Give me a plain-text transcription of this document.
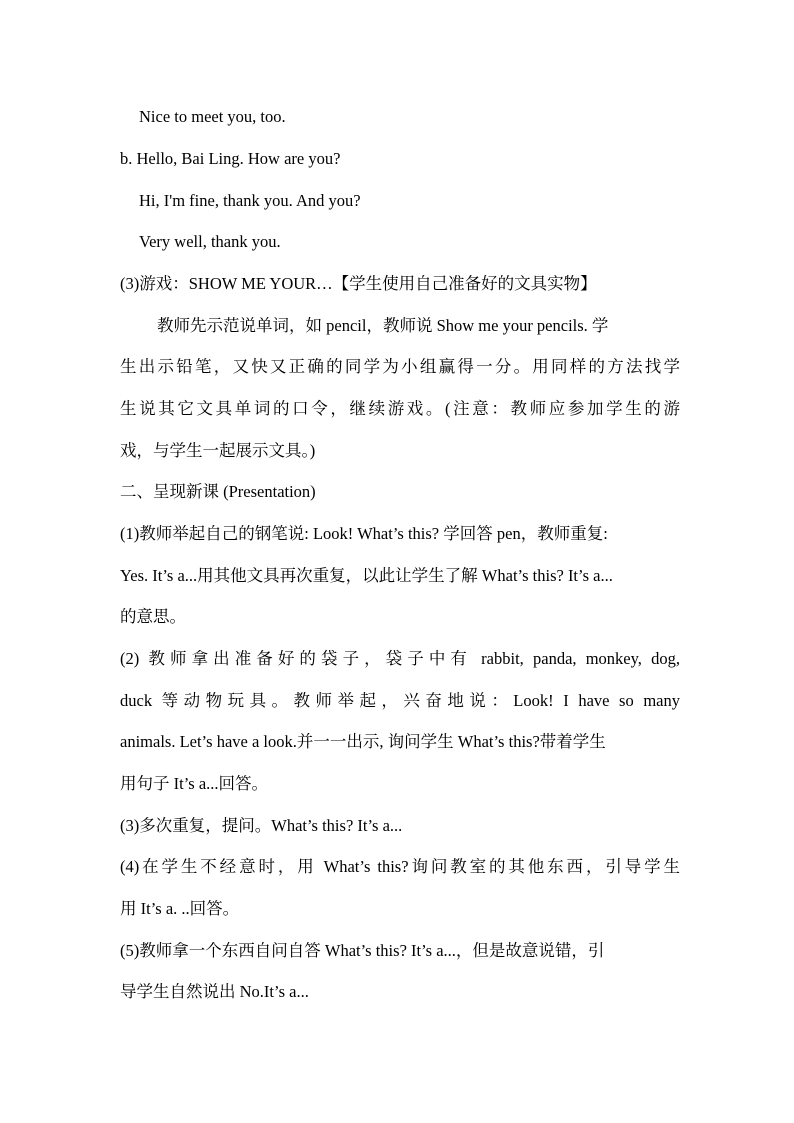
Nice to meet you, too.
b. Hello, Bai Ling. How are you?
Hi, I'm fine, thank you. And you?
Very well, thank you.
(3)游戏：SHOW ME YOUR…【学生使用自己准备好的文具实物】
教师先示范说单词，如 pencil，教师说 Show me your pencils. 学
生出示铅笔，又快又正确的同学为小组赢得一分。用同样的方法找学
生说其它文具单词的口令，继续游戏。(注意：教师应参加学生的游
戏，与学生一起展示文具。)
二、呈现新课 (Presentation)
(1)教师举起自己的钢笔说: Look! What’s this? 学回答 pen，教师重复:
Yes. It’s a...用其他文具再次重复，以此让学生了解 What’s this? It’s a...
的意思。
(2) 教师拿出准备好的袋子，袋子中有 rabbit, panda, monkey, dog,
duck 等动物玩具。教师举起，兴奋地说：Look! I have so many
animals. Let’s have a look.并一一出示, 询问学生 What’s this?带着学生
用句子 It’s a...回答。
(3)多次重复，提问。What’s this? It’s a...
(4)在学生不经意时，用 What’s this?询问教室的其他东西，引导学生
用 It’s a. ..回答。
(5)教师拿一个东西自问自答 What’s this? It’s a...，但是故意说错，引
导学生自然说出 No.It’s a...
